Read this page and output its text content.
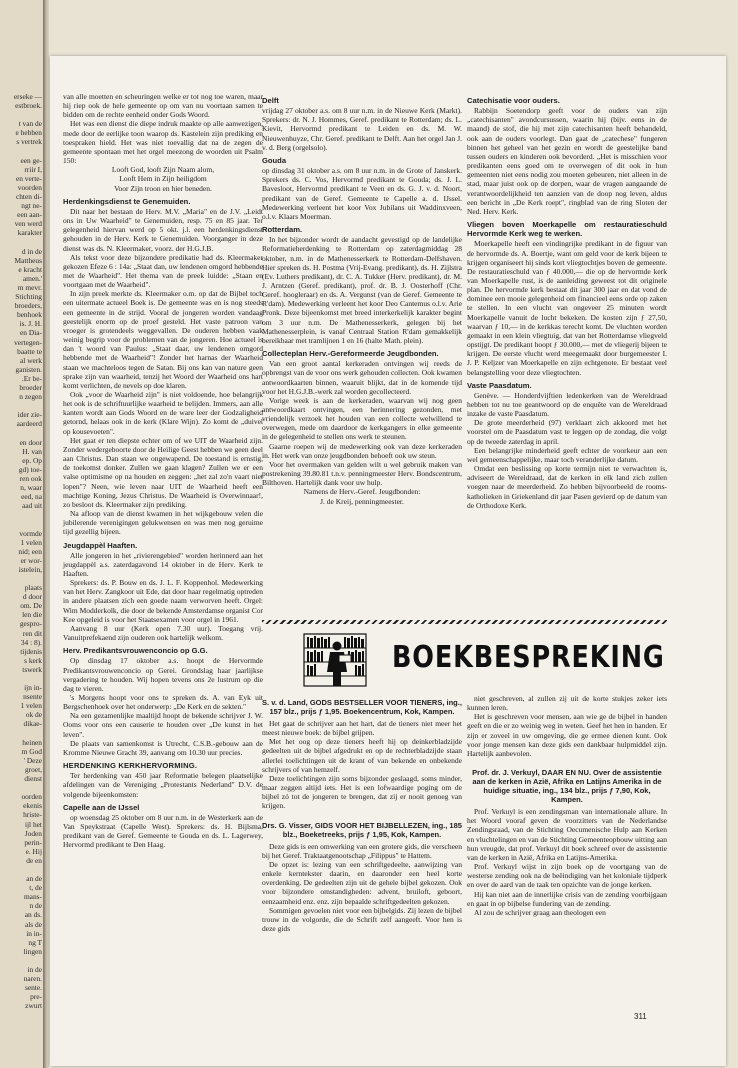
erseke —
estbroek.

t van de
e hebben
s vertrek

een ge-
rriir I,
en verte-
voorden
chten di-
ngt ne-
een aan-
ven werd
karakter

d in de
Mattheus
e kracht
amen.'
m mevr.
Stichting
broeders,
benhoek
is. J. H.
en Dia-
vertegen-
baatte te
al werk
ganisten.
.Er be-
broeder
n zegen

ider zie-
aardeerd

en door
H. van
ep. Op
gd) toe-
ren ook
n, waar
eed, na
aad uit

vormde
1 velen
nid; een
er wor-
istelein,

plaats
d door
om. De
len die
gespro-
ren dit
34 : 8).
tijdenis
s kerk
tswerk

ijn in-
nsente
1 velen
ok de
dikae-

heinen
m God
' Deze
groet,
dienst

oorden
ekenis
hriste-
ijl het
Joden
perin-
e. Hij
de en

an de
t, de
mans-
n de
an ds.
als de
in in-
ng T
lingen

in de
naren.
sente.
pre-
zwurt

van alle moetten en scheuringen welke er tot nog toe waren, maar hij riep ook de hele gemeente op om van nu voortaan samen te bidden om de rechte eenheid onder Gods Woord.

Het was een dienst die diepe indruk maakte op alle aanwezigen, mede door de eerlijke toon waarop ds. Kastelein zijn prediking en toespraken hield. Het was niet toevallig dat na de zegen de gemeente spontaan met het orgel meezong de woorden uit Psalm 150:

Looft God, looft Zijn Naam alom,

Looft Hem in Zijn heiligdom

Voor Zijn troon en hier beneden.

Herdenkingsdienst te Genemuiden.

Dit naar het bestaan de Herv. M.V. „Maria" en de J.V. „Leidt ons in Uw Waarheid" te Genemuiden, resp. 75 en 85 jaar. Ter gelegenheid hiervan werd op 5 okt. j.l. een herdenkingsdienst gehouden in de Herv. Kerk te Genemuiden. Voorganger in deze dienst was ds. N. Kleermaker, voorz. der H.G.J.B.

Als tekst voor deze bijzondere predikatie had ds. Kleermaker gekozen Efeze 6 : 14a: „Staat dan, uw lendenen omgord hebbende met de Waarheid". Het thema van de preek luidde: „Staan en voortgaan met de Waarheid".

In zijn preek merkte ds. Kleermaker o.m. op dat de Bijbel toch een uitermate actueel Boek is. De gemeente was en is nog steeds een gemeente in de strijd. Vooral de jongeren worden vandaag geestelijk enorm op de proef gesteld. Het vaste patroon van vroeger is grotendeels weggevallen. De ouderen hebben vaak weinig begrip voor de problemen van de jongeren. Hoe actueel is dan 't woord van Paulus: „Staat daar, uw lendenen omgord hebbende met de Waarheid"! Zonder het harnas der Waarheid staan we machteloos tegen de Satan. Bij ons kan van nature geen sprake zijn van waarheid, tenzij het Woord der Waarheid ons hart komt verlichten, de nevels op doe klaren.

Ook „voor de Waarheid zijn" is niet voldoende, hoe belangrijk het ook is de schriftuurlijke waarheid te belijden. Immers, aan alle kanten wordt aan Gods Woord en de ware leer der Godzaligheid getornd, helaas ook in de kerk (Klare Wijn). Zo komt de „duivel op kousevoeten".

Het gaat er ten diepste echter om of we UIT de Waarheid zijn. Zonder wedergeboorte door de Heilige Geest hebben we geen deel aan Christus. Dan staan we ongewapend. De toestand is ernstig, de toekomst donker. Zullen we gaan klagen? Zullen we er een valse optimisme op na houden en zeggen: „het zal zo'n vaart niet lopen"? Neen, wie leven naar UIT de Waarheid heeft een machtige Koning, Jezus Christus. De Waarheid is Overwinnaar!, zo besloot ds. Kleermaker zijn prediking.

Na afloop van de dienst kwamen in het wijkgebouw velen die jubilerende verenigingen gelukwensen en was men nog geruime tijd gezellig bijeen.

Jeugdappèl Haaften.

Alle jongeren in het „rivierengebied" worden herinnerd aan het jeugdappèl a.s. zaterdagavond 14 oktober in de Herv. Kerk te Haaften.

Sprekers: ds. P. Bouw en ds. J. L. F. Koppenhol. Medewerking van het Herv. Zangkoor uit Ede, dat door haar regelmatig optreden in andere plaatsen zich een goede naam verworven heeft. Orgel: Wim Modderkolk, die door de bekende Amsterdamse organist Cor Kee opgeleid is voor het Staatsexamen voor orgel in 1961.

Aanvang 8 uur (Kerk open 7.30 uur). Toegang vrij. Vanuitprefekaend zijn ouderen ook hartelijk welkom.

Herv. Predikantsvrouwenconcio op G.G.

Op dinsdag 17 oktober a.s. hoopt de Hervormde Predikantsvrouwenconcio op Gerei. Grondslag haar jaarlijkse vergadering te houden. Wij hopen tevens ons 2e lustrum op die dag te vieren.

's Morgens hoopt voor ons te spreken ds. A. van Eyk uit Bergschenhoek over het onderwerp: „De Kerk en de sekten."

Na een gezamenlijke maaltijd hoopt de bekende schrijver J. W. Ooms voor ons een causerie te houden over „De kunst in het leven".

De plaats van samenkomst is Utrecht, C.S.B.-gebouw aan de Kromme Nieuwe Gracht 39, aanvang om 10.30 uur precies.

HERDENKING KERKHERVORMING.

Ter herdenking van 450 jaar Reformatie belegen plaatselijke afdelingen van de Vereniging „Protestants Nederland" D.V. de volgende bijeenkomsten:

Capelle aan de IJssel

op woensdag 25 oktober om 8 uur n.m. in de Westerkerk aan de Van Speykstraat (Capelle West). Sprekers: ds. H. Bijlsma, predikant van de Geref. Gemeente te Gouda en ds. L. Lagerwey, Hervormd predikant te Den Haag.

Delft

vrijdag 27 oktober a.s. om 8 uur n.m. in de Nieuwe Kerk (Markt). Sprekers: dr. N. J. Hommes, Geref. predikant te Rotterdam; ds. L. Kievit, Hervormd predikant te Leiden en ds. M. W. Nieuwenhuyze, Chr. Geref. predikant te Delft. Aan het orgel Jan J. v. d. Berg (orgelsolo).

Gouda

op dinsdag 31 oktober a.s. om 8 uur n.m. in de Grote of Janskerk. Sprekers ds. C. Vos, Hervormd predikant te Gouda; ds. J. L. Bavesloot, Hervormd predikant te Veen en ds. G. J. v. d. Noort, predikant van de Geref. Gemeente te Capelle a. d. IJssel. Medewerking verleent het koor Vox Jubilans uit Waddinxveen, o.l.v. Klaars Moerman.

Rotterdam.

In het bijzonder wordt de aandacht gevestigd op de landelijke Reformatieherdenking te Rotterdam op zaterdagmiddag 28 oktober, n.m. in de Mathenesserkerk te Rotterdam-Delfshaven. Hier spreken ds. H. Postma (Vrij-Evang. predikant), ds. H. Zijlstra (Ev. Luthers predikant), dr. C. A. Tukker (Herv. predikant), dr. M. J. Arntzen (Geref. predikant), prof. dr. B. J. Oosterhoff (Chr. Geref. hoogleraar) en ds. A. Vergunst (van de Geref. Gemeente te R'dam). Medewerking verleent het koor Deo Cantemus o.l.v. Arie Pronk. Deze bijeenkomst met breed interkerkelijk karakter begint om 3 uur n.m. De Mathenesserkerk, gelegen bij het Mathenesserplein, is vanaf Centraal Station R'dam gemakkelijk bereikbaar met tramlijnen 1 en 16 (halte Math. plein).

Collecteplan Herv.-Gereformeerde Jeugdbonden.

Van een groot aantal kerkeraden ontvingen wij reeds de opbrengst van de voor ons werk gehouden collecten. Ook kwamen antwoordkaarten binnen, waaruit blijkt, dat in de komende tijd voor het H.G.J.B.-werk zal worden gecollecteerd.

Vorige week is aan de kerkeraden, waarvan wij nog geen antwoordkaart ontvingen, een herinnering gezonden, met vriendelijk verzoek het houden van een collecte welwillend te overwegen, mede om daardoor de kerkgangers in elke gemeente in de gelegenheid te stellen ons werk te steunen.

Gaarne roepen wij de medewerking ook van deze kerkeraden in. Het werk van onze jeugdbonden behoeft ook uw steun.

Voor het overmaken van gelden wilt u wel gebruik maken van postrekening 39.80.81 t.n.v. penningmeester Herv. Bondscentrum, Bilthoven. Hartelijk dank voor uw hulp.

Namens de Herv.-Geref. Jeugdbonden:

J. de Kreij, penningmeester.

Catechisatie voor ouders.

Rabbijn Soetendorp geeft voor de ouders van zijn „catechisanten" avondcursussen, waarin hij (bijv. eens in de maand) de stof, die hij met zijn catechisanten heeft behandeld, ook aan de ouders voorlegt. Dan gaat de „catechese" fungeren binnen het geheel van het gezin en wordt de geestelijke band tussen ouders en kinderen ook bevorderd. „Het is misschien voor predikanten eens goed om te overwegen of dit ook in hun gemeenten niet eens nodig zou moeten gebeuren, niet alleen in de stad, maar juist ook op de dorpen, waar de vragen aangaande de verantwoordelijkheid ten aanzien van de doop nog leven, aldus een bericht in „De Kerk roept", ringblad van de ring Sloten der Ned. Herv. Kerk.

Vliegen boven Moerkapelle om restauratieschuld Hervormde Kerk weg te werken.

Moerkapelle heeft een vindingrijke predikant in de figuur van de hervormde ds. A. Boertje, want om geld voor de kerk bijeen te krijgen organiseert hij sinds kort vliegtochtjes boven de gemeente. De restauratieschuld van ƒ 40.000,— die op de hervormde kerk van Moerkapelle rust, is de aanleiding geweest tot dit originele plan. De hervormde kerk bestaat dit jaar 300 jaar en dat vond de dominee een mooie gelegenheid om financieel eens orde op zaken te stellen. In een vlucht van ongeveer 25 minuten wordt Moerkapelle vanuit de lucht bekeken. De kosten zijn ƒ 27,50, waarvan ƒ 10,— in de kerkkas terecht komt. De vluchten worden gemaakt in een klein vliegtuig, dat van het Rotterdamse vliegveld opstijgt. De predikant hoopt ƒ 30.000,— met de vliegerij bijeen te krijgen. De eerste vlucht werd meegemaakt door burgemeester I. J. P. Keljzer van Moerkapelle en zijn echtgenote. Er bestaat veel belangstelling voor deze vliegtochten.

Vaste Paasdatum.

Genève. — Honderdvijftien ledenkerken van de Wereldraad hebben tot nu toe geantwoord op de enquête van de Wereldraad inzake de vaste Paasdatum.

De grote meerderheid (97) verklaart zich akkoord met het voorstel om de Paasdatum vast te leggen op de zondag, die volgt op de tweede zaterdag in april.

Een belangrijke minderheid geeft echter de voorkeur aan een wel gemeenschappelijke, maar toch veranderlijke datum.

Omdat een beslissing op korte termijn niet te verwachten is, adviseert de Wereldraad, dat de kerken in elk land zich zullen voegen naar de meerderheid. Zo hebben bijvoorbeeld de rooms-katholieken in Griekenland dit jaar Pasen gevierd op de datum van de Orthodoxe Kerk.

BOEKBESPREKING
S. v. d. Land, GODS BESTSELLER VOOR TIENERS, ing., 157 blz., prijs ƒ 1,95. Boekencentrum, Kok, Kampen.

Het gaat de schrijver aan het hart, dat de tieners niet meer het meest nieuwe boek: de bijbel grijpen.

Met het oog op deze tieners heeft hij op deinkerbladzijde gedeelten uit de bijbel afgedrukt en op de rechterbladzijde staan allerlei toelichtingen uit de krant of van bekende en onbekende schrijvers of van hemzelf.

Deze toelichtingen zijn soms bijzonder geslaagd, soms minder, maar zeggen altijd iets. Het is een lofwaardige poging om de bijbel zó tot de jongeren te brengen, dat zij er nooit genoeg van krijgen.

Drs. G. Visser, GIDS VOOR HET BIJBELLEZEN, ing., 185 blz., Boeketreeks, prijs ƒ 1,95, Kok, Kampen.

Deze gids is een omwerking van een grotere gids, die verscheen bij het Geref. Traktaatgenootschap „Filippus" te Hattem.

De opzet is: lezing van een schriftgedeelte, aanwijzing van enkele kerntekster daarin, en daaronder een heel korte overdenking. De gedeelten zijn uit de gehele bijbel gekozen. Ook voor bijzondere omstandigheden: advent, bruiloft, geboort, eenzaamheid enz. enz. zijn bepaalde schriftgedeelten gekozen.

Sommigen gevoelen niet voor een bijbelgids. Zij lezen de bijbel trouw in de volgorde, die de Schrift zelf aangeeft. Voor hen is deze gids

niet geschreven, al zullen zij uit de korte stukjes zeker iets kunnen leren.

Het is geschreven voor mensen, aan wie ge de bijbel in handen geeft en die er zo weinig weg in weten. Geef het hen in handen. Er zijn er zoveel in uw omgeving, die ge ermee dienen kunt. Ook voor jonge mensen kan deze gids een dankbaar hulpmiddel zijn. Hartelijk aanbevolen.

Prof. dr. J. Verkuyl, DAAR EN NU. Over de assistentie aan de kerken in Azië, Afrika en Latijns Amerika in de huidige situatie, ing., 134 blz., prijs ƒ 7,90, Kok, Kampen.

Prof. Verkuyl is een zendingsman van internationale allure. In het Woord vooraf geven de voorzitters van de Nederlandse Zendingsraad, van de Stichting Oecumenische Hulp aan Kerken en vluchtelingen en van de Stichting Gemeenteopbouw uitting aan hun vreugde, dat prof. Verkuyl dit boek schreef over de assistentie van de kerken in Azië, Afrika en Latijns-Amerika.

Prof. Verkuyl wijst in zijn boek op de voortgang van de westerse zending ook na de beëindiging van het koloniale tijdperk en over de aard van de taak ten opzichte van de jonge kerken.

Hij kan niet aan de innerlijke crisis van de zending voorbijgaan en gaat in op bijbelse fundering van de zending.

Al zou de schrijver graag aan theologen een

311
